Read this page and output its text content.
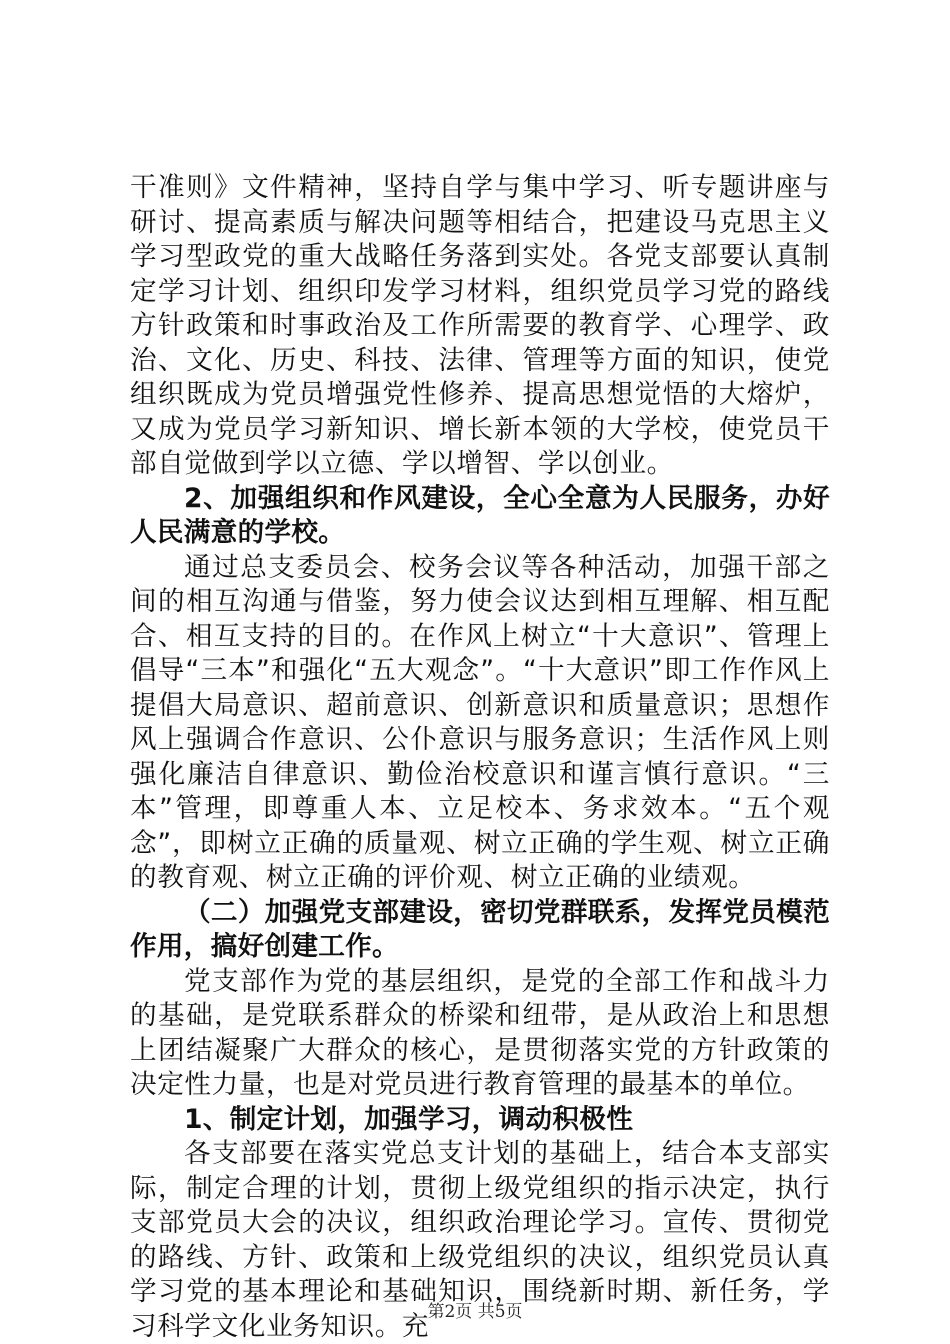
干准则》文件精神，坚持自学与集中学习、听专题讲座与研讨、提高素质与解决问题等相结合，把建设马克思主义学习型政党的重大战略任务落到实处。各党支部要认真制定学习计划、组织印发学习材料，组织党员学习党的路线方针政策和时事政治及工作所需要的教育学、心理学、政治、文化、历史、科技、法律、管理等方面的知识，使党组织既成为党员增强党性修养、提高思想觉悟的大熔炉，又成为党员学习新知识、增长新本领的大学校，使党员干部自觉做到学以立德、学以增智、学以创业。

2、加强组织和作风建设，全心全意为人民服务，办好人民满意的学校。

通过总支委员会、校务会议等各种活动，加强干部之间的相互沟通与借鉴，努力使会议达到相互理解、相互配合、相互支持的目的。在作风上树立“十大意识”、管理上倡导“三本”和强化“五大观念”。“十大意识”即工作作风上提倡大局意识、超前意识、创新意识和质量意识；思想作风上强调合作意识、公仆意识与服务意识；生活作风上则强化廉洁自律意识、勤俭治校意识和谨言慎行意识。“三本”管理，即尊重人本、立足校本、务求效本。“五个观念”，即树立正确的质量观、树立正确的学生观、树立正确的教育观、树立正确的评价观、树立正确的业绩观。

（二）加强党支部建设，密切党群联系，发挥党员模范作用，搞好创建工作。

党支部作为党的基层组织，是党的全部工作和战斗力的基础，是党联系群众的桥梁和纽带，是从政治上和思想上团结凝聚广大群众的核心，是贯彻落实党的方针政策的决定性力量，也是对党员进行教育管理的最基本的单位。

1、制定计划，加强学习，调动积极性

各支部要在落实党总支计划的基础上，结合本支部实际，制定合理的计划，贯彻上级党组织的指示决定，执行支部党员大会的决议，组织政治理论学习。宣传、贯彻党的路线、方针、政策和上级党组织的决议，组织党员认真学习党的基本理论和基础知识，围绕新时期、新任务，学习科学文化业务知识。充

第2页 共5页
